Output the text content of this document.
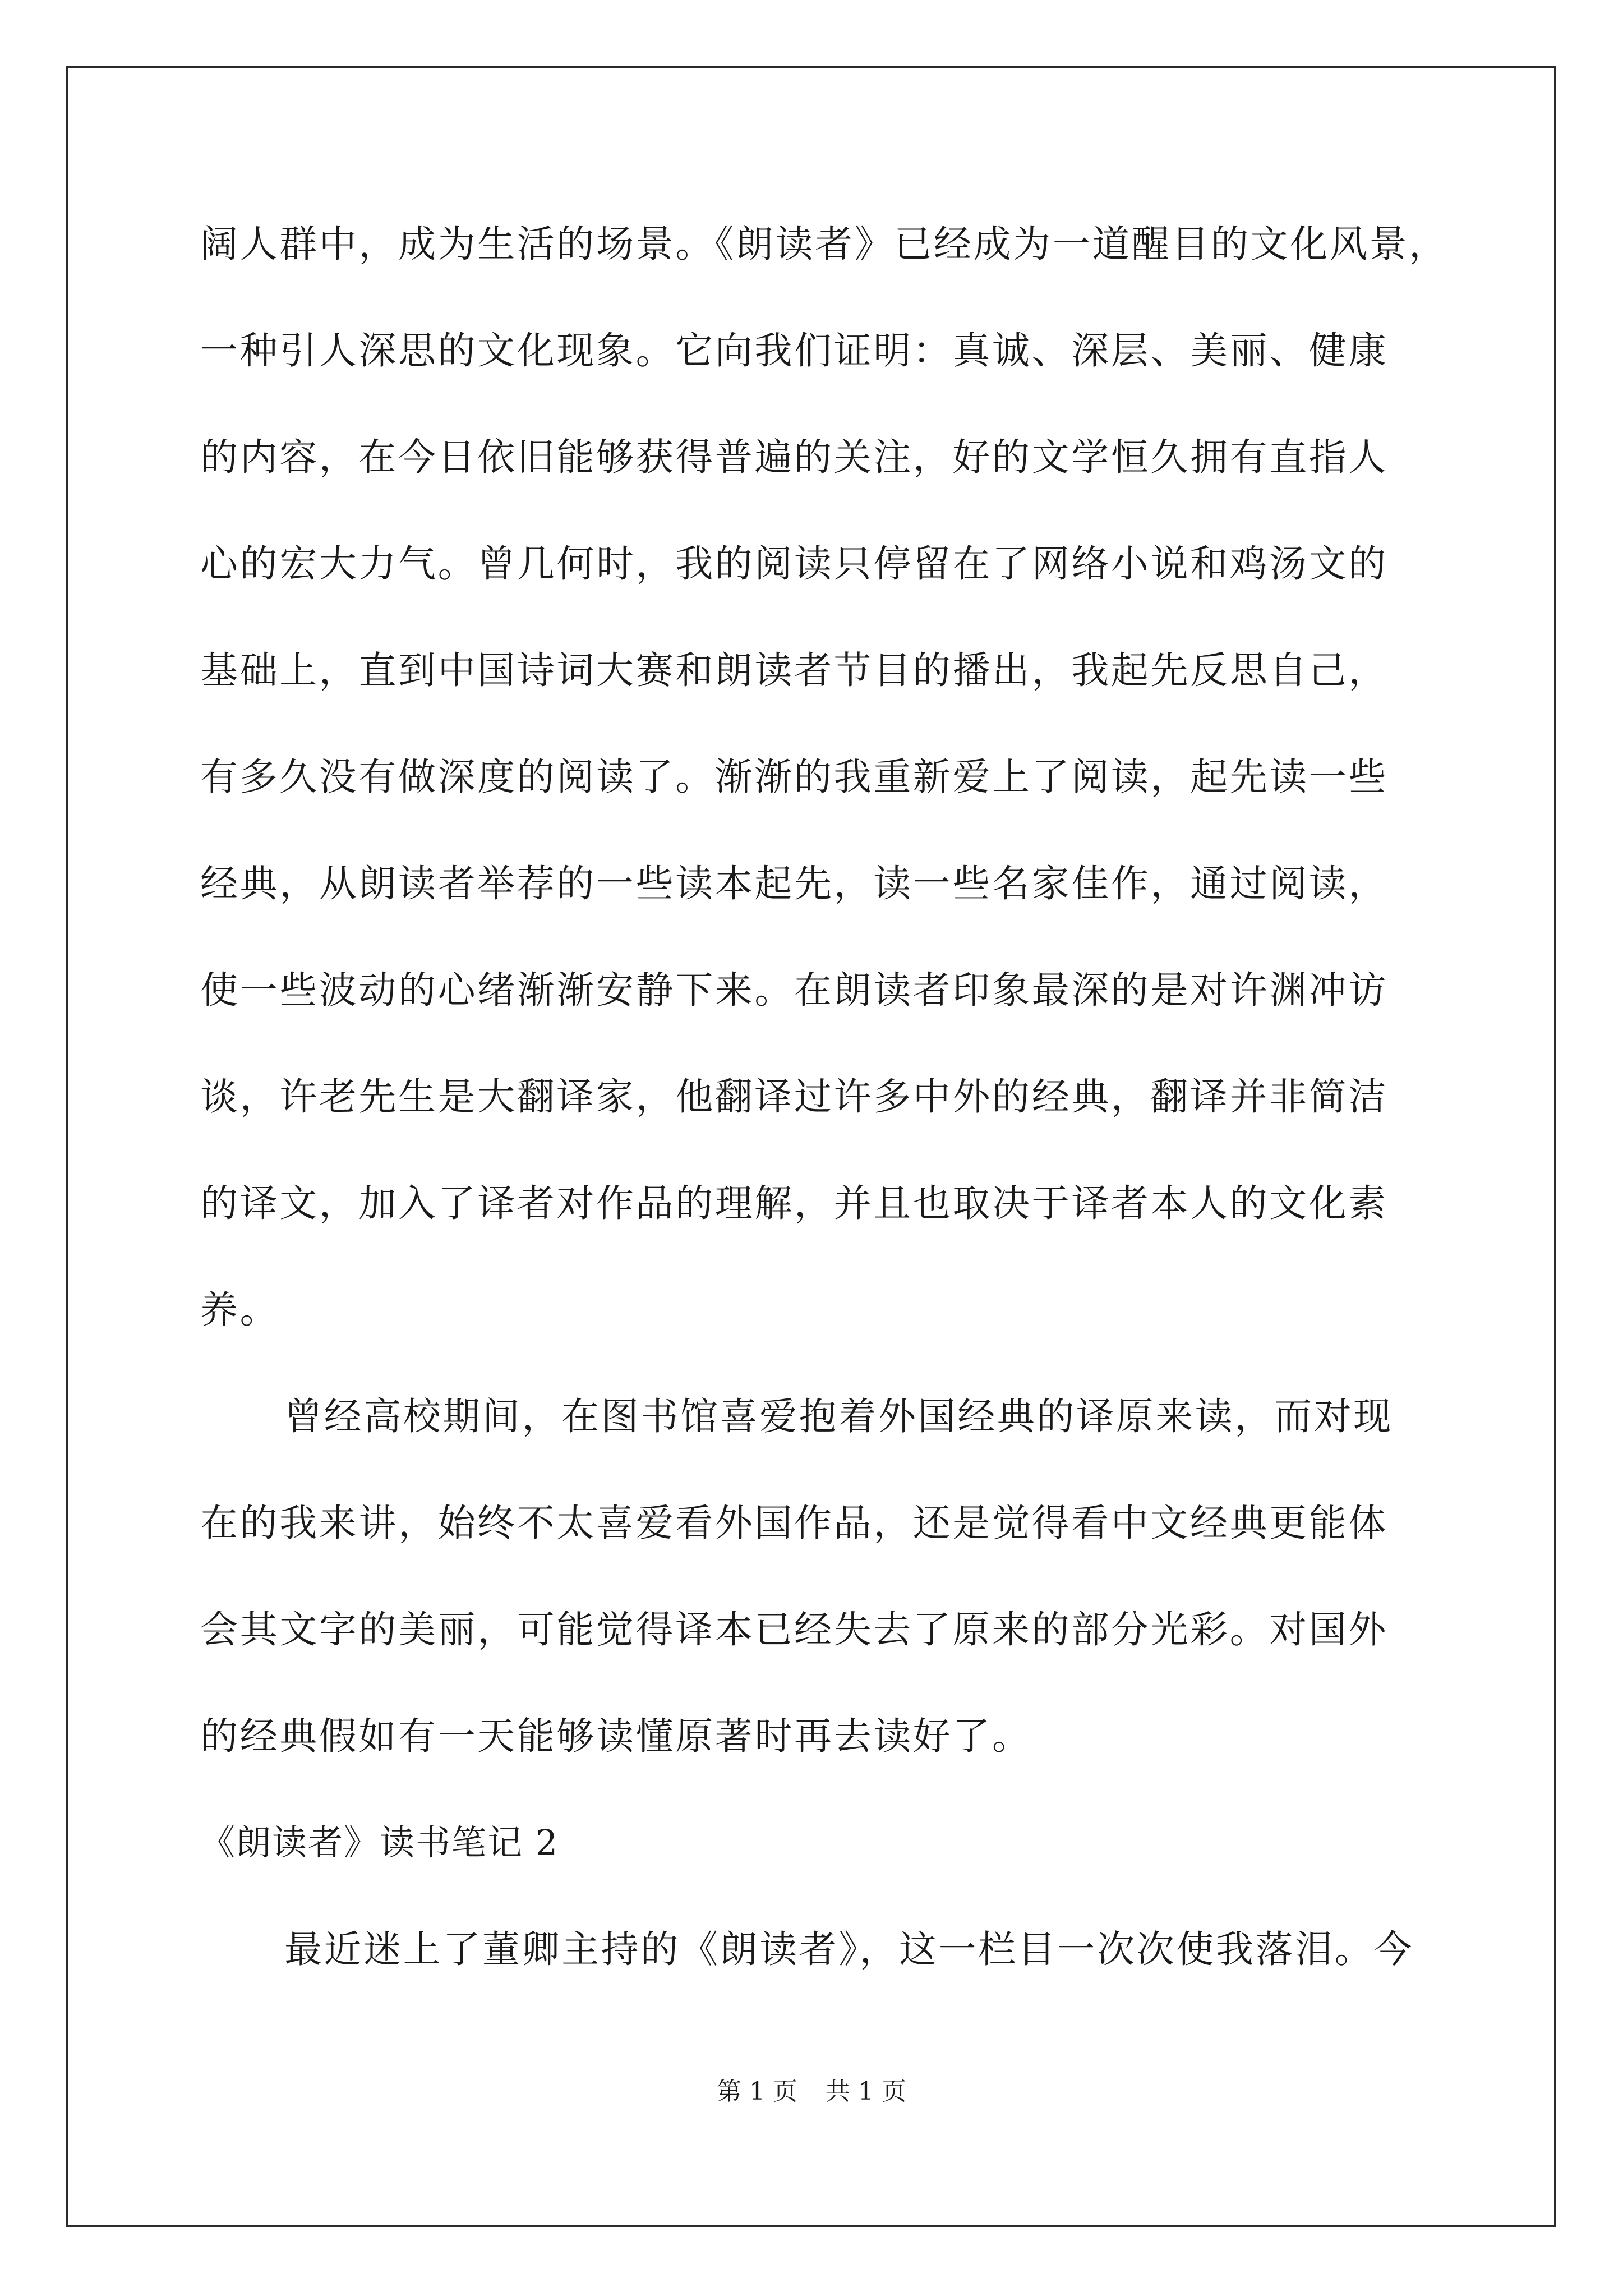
阔人群中，成为生活的场景。《朗读者》已经成为一道醒目的文化风景，
一种引人深思的文化现象。它向我们证明：真诚、深层、美丽、健康
的内容，在今日依旧能够获得普遍的关注，好的文学恒久拥有直指人
心的宏大力气。曾几何时，我的阅读只停留在了网络小说和鸡汤文的
基础上，直到中国诗词大赛和朗读者节目的播出，我起先反思自己，
有多久没有做深度的阅读了。渐渐的我重新爱上了阅读，起先读一些
经典，从朗读者举荐的一些读本起先，读一些名家佳作，通过阅读，
使一些波动的心绪渐渐安静下来。在朗读者印象最深的是对许渊冲访
谈，许老先生是大翻译家，他翻译过许多中外的经典，翻译并非简洁
的译文，加入了译者对作品的理解，并且也取决于译者本人的文化素
养。
曾经高校期间，在图书馆喜爱抱着外国经典的译原来读，而对现
在的我来讲，始终不太喜爱看外国作品，还是觉得看中文经典更能体
会其文字的美丽，可能觉得译本已经失去了原来的部分光彩。对国外
的经典假如有一天能够读懂原著时再去读好了。
《朗读者》读书笔记 2
最近迷上了董卿主持的《朗读者》，这一栏目一次次使我落泪。今
第 1 页 共 1 页
